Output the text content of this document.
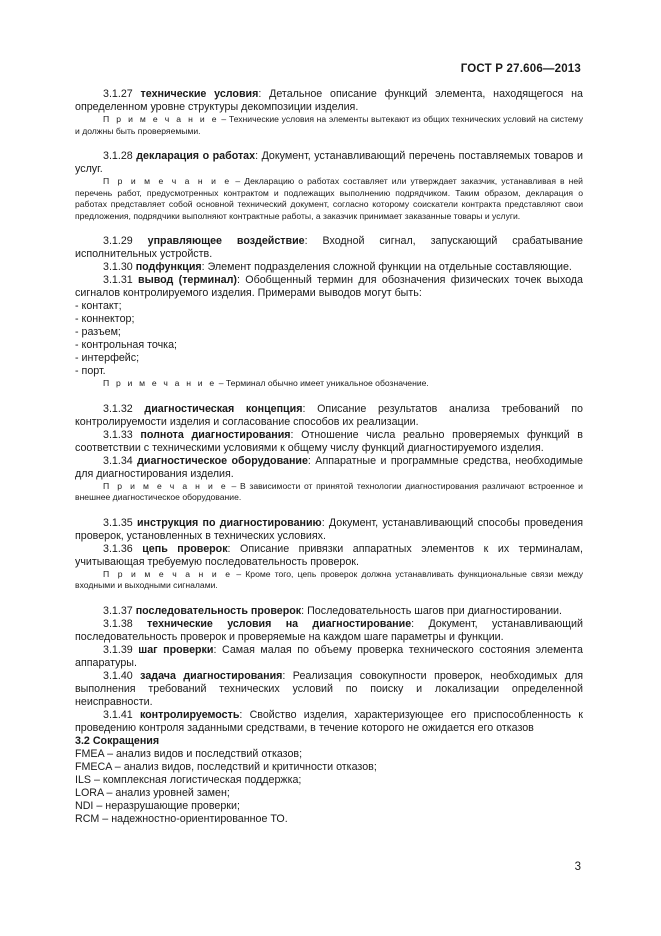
ГОСТ Р 27.606—2013

3.1.27 технические условия: Детальное описание функций элемента, находящегося на определенном уровне структуры декомпозиции изделия.

П р и м е ч а н и е – Технические условия на элементы вытекают из общих технических условий на систему и должны быть проверяемыми.

3.1.28 декларация о работах: Документ, устанавливающий перечень поставляемых товаров и услуг.

П р и м е ч а н и е – Декларацию о работах составляет или утверждает заказчик, устанавливая в ней перечень работ, предусмотренных контрактом и подлежащих выполнению подрядчиком. Таким образом, декларация о работах представляет собой основной технический документ, согласно которому соискатели контракта представляют свои предложения, подрядчики выполняют контрактные работы, а заказчик принимает заказанные товары и услуги.

3.1.29 управляющее воздействие: Входной сигнал, запускающий срабатывание исполнительных устройств.

3.1.30 подфункция: Элемент подразделения сложной функции на отдельные составляющие.

3.1.31 вывод (терминал): Обобщенный термин для обозначения физических точек выхода сигналов контролируемого изделия. Примерами выводов могут быть:

- контакт;

- коннектор;

- разъем;

- контрольная точка;

- интерфейс;

- порт.

П р и м е ч а н и е – Терминал обычно имеет уникальное обозначение.

3.1.32 диагностическая концепция: Описание результатов анализа требований по контролируемости изделия и согласование способов их реализации.

3.1.33 полнота диагностирования: Отношение числа реально проверяемых функций в соответствии с техническими условиями к общему числу функций диагностируемого изделия.

3.1.34 диагностическое оборудование: Аппаратные и программные средства, необходимые для диагностирования изделия.

П р и м е ч а н и е – В зависимости от принятой технологии диагностирования различают встроенное и внешнее диагностическое оборудование.

3.1.35 инструкция по диагностированию: Документ, устанавливающий способы проведения проверок, установленных в технических условиях.

3.1.36 цепь проверок: Описание привязки аппаратных элементов к их терминалам, учитывающая требуемую последовательность проверок.

П р и м е ч а н и е – Кроме того, цепь проверок должна устанавливать функциональные связи между входными и выходными сигналами.

3.1.37 последовательность проверок: Последовательность шагов при диагностировании.

3.1.38 технические условия на диагностирование: Документ, устанавливающий последовательность проверок и проверяемые на каждом шаге параметры и функции.

3.1.39 шаг проверки: Самая малая по объему проверка технического состояния элемента аппаратуры.

3.1.40 задача диагностирования: Реализация совокупности проверок, необходимых для выполнения требований технических условий по поиску и локализации определенной неисправности.

3.1.41 контролируемость: Свойство изделия, характеризующее его приспособленность к проведению контроля заданными средствами, в течение которого не ожидается его отказов

3.2 Сокращения

FMEA – анализ видов и последствий отказов;

FMECA – анализ видов, последствий и критичности отказов;

ILS – комплексная логистическая поддержка;

LORA – анализ уровней замен;

NDI – неразрушающие проверки;

RCM – надежностно-ориентированное ТО.

3
